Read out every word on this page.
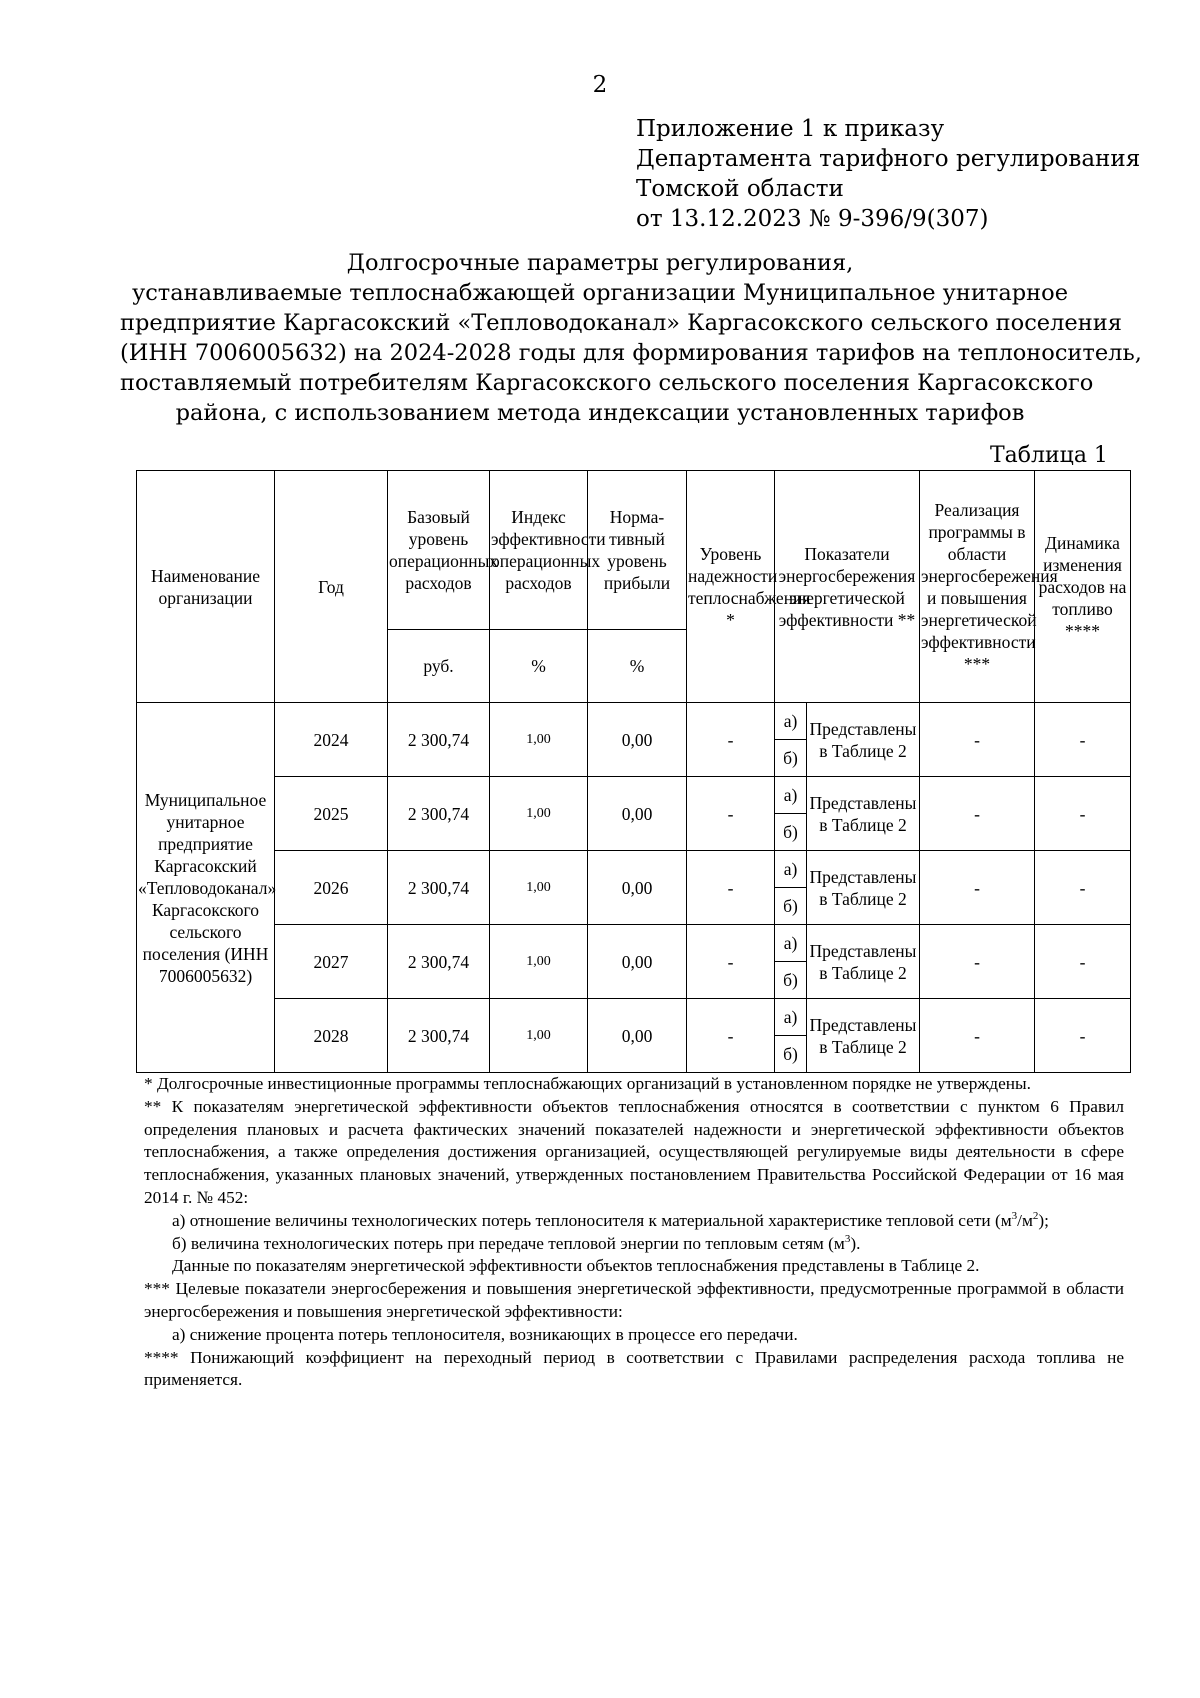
2
Приложение 1 к приказу
Департамента тарифного регулирования
Томской области
от 13.12.2023 № 9-396/9(307)
Долгосрочные параметры регулирования,
устанавливаемые теплоснабжающей организации Муниципальное унитарное
предприятие Каргасокский «Тепловодоканал» Каргасокского сельского поселения
(ИНН 7006005632) на 2024-2028 годы для формирования тарифов на теплоноситель,
поставляемый потребителям Каргасокского сельского поселения Каргасокского
района, с использованием метода индексации установленных тарифов
Таблица 1
Наименование организации	Год	Базовый уровень операционных расходов	Индекс эффективности операционных расходов	Норма-тивный уровень прибыли	Уровень надежности теплоснабжения *	Показатели энергосбережения энергетической эффективности **		Реализация программы в области энергосбережения и повышения энергетической эффективности ***	Динамика изменения расходов на топливо ****
		руб.	%	%					
Муниципальное унитарное предприятие Каргасокский «Тепловодоканал» Каргасокского сельского поселения (ИНН 7006005632)	2024	2 300,74	1,00	0,00	-	а)	Представлены в Таблице 2	-	-
						б)			
	2025	2 300,74	1,00	0,00	-	а)	Представлены в Таблице 2	-	-
						б)			
	2026	2 300,74	1,00	0,00	-	а)	Представлены в Таблице 2	-	-
						б)			
	2027	2 300,74	1,00	0,00	-	а)	Представлены в Таблице 2	-	-
						б)			
	2028	2 300,74	1,00	0,00	-	а)	Представлены в Таблице 2	-	-
						б)			

* Долгосрочные инвестиционные программы теплоснабжающих организаций в установленном порядке не утверждены.

** К показателям энергетической эффективности объектов теплоснабжения относятся в соответствии с пунктом 6 Правил определения плановых и расчета фактических значений показателей надежности и энергетической эффективности объектов теплоснабжения, а также определения достижения организацией, осуществляющей регулируемые виды деятельности в сфере теплоснабжения, указанных плановых значений, утвержденных постановлением Правительства Российской Федерации от 16 мая 2014 г. № 452:

а) отношение величины технологических потерь теплоносителя к материальной характеристике тепловой сети $(м^3/м^2)$;

б) величина технологических потерь при передаче тепловой энергии по тепловым сетям $(м^3)$.

Данные по показателям энергетической эффективности объектов теплоснабжения представлены в Таблице 2.

*** Целевые показатели энергосбережения и повышения энергетической эффективности, предусмотренные программой в области энергосбережения и повышения энергетической эффективности:

а) снижение процента потерь теплоносителя, возникающих в процессе его передачи.

**** Понижающий коэффициент на переходный период в соответствии с Правилами распределения расхода топлива не применяется.
